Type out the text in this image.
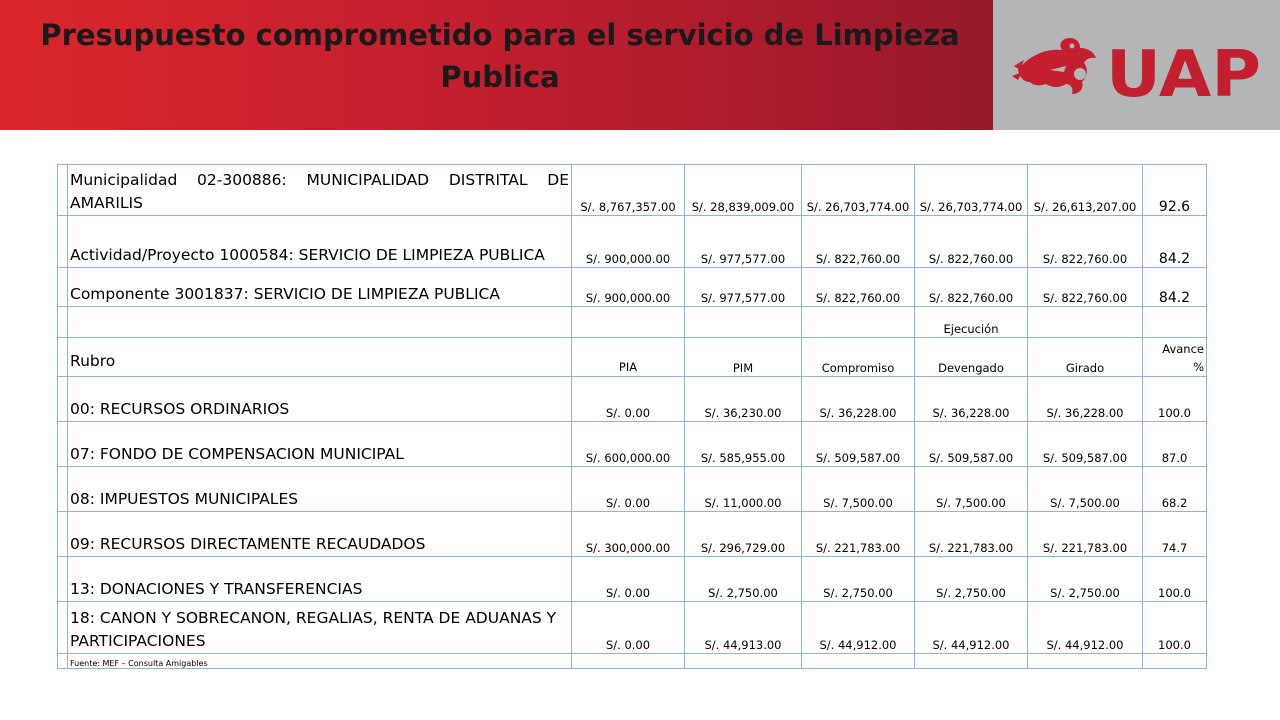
Presupuesto comprometido para el servicio de Limpieza
Publica	UAP
	Municipalidad 02-300886: MUNICIPALIDAD DISTRITAL DE AMARILIS	S/. 8,767,357.00	S/. 28,839,009.00	S/. 26,703,774.00	S/. 26,703,774.00	S/. 26,613,207.00	92.6
	Actividad/Proyecto 1000584: SERVICIO DE LIMPIEZA PUBLICA	S/. 900,000.00	S/. 977,577.00	S/. 822,760.00	S/. 822,760.00	S/. 822,760.00	84.2
	Componente 3001837: SERVICIO DE LIMPIEZA PUBLICA	S/. 900,000.00	S/. 977,577.00	S/. 822,760.00	S/. 822,760.00	S/. 822,760.00	84.2
					Ejecución		
	Rubro	PIA	PIM	Compromiso	Devengado	Girado	Avance
%

	00: RECURSOS ORDINARIOS	S/. 0.00	S/. 36,230.00	S/. 36,228.00	S/. 36,228.00	S/. 36,228.00	100.0
	07: FONDO DE COMPENSACION MUNICIPAL	S/. 600,000.00	S/. 585,955.00	S/. 509,587.00	S/. 509,587.00	S/. 509,587.00	87.0
	08: IMPUESTOS MUNICIPALES	S/. 0.00	S/. 11,000.00	S/. 7,500.00	S/. 7,500.00	S/. 7,500.00	68.2
	09: RECURSOS DIRECTAMENTE RECAUDADOS	S/. 300,000.00	S/. 296,729.00	S/. 221,783.00	S/. 221,783.00	S/. 221,783.00	74.7
	13: DONACIONES Y TRANSFERENCIAS	S/. 0.00	S/. 2,750.00	S/. 2,750.00	S/. 2,750.00	S/. 2,750.00	100.0
	18: CANON Y SOBRECANON, REGALIAS, RENTA DE ADUANAS Y PARTICIPACIONES	S/. 0.00	S/. 44,913.00	S/. 44,912.00	S/. 44,912.00	S/. 44,912.00	100.0
	Fuente: MEF – Consulta Amigables						
